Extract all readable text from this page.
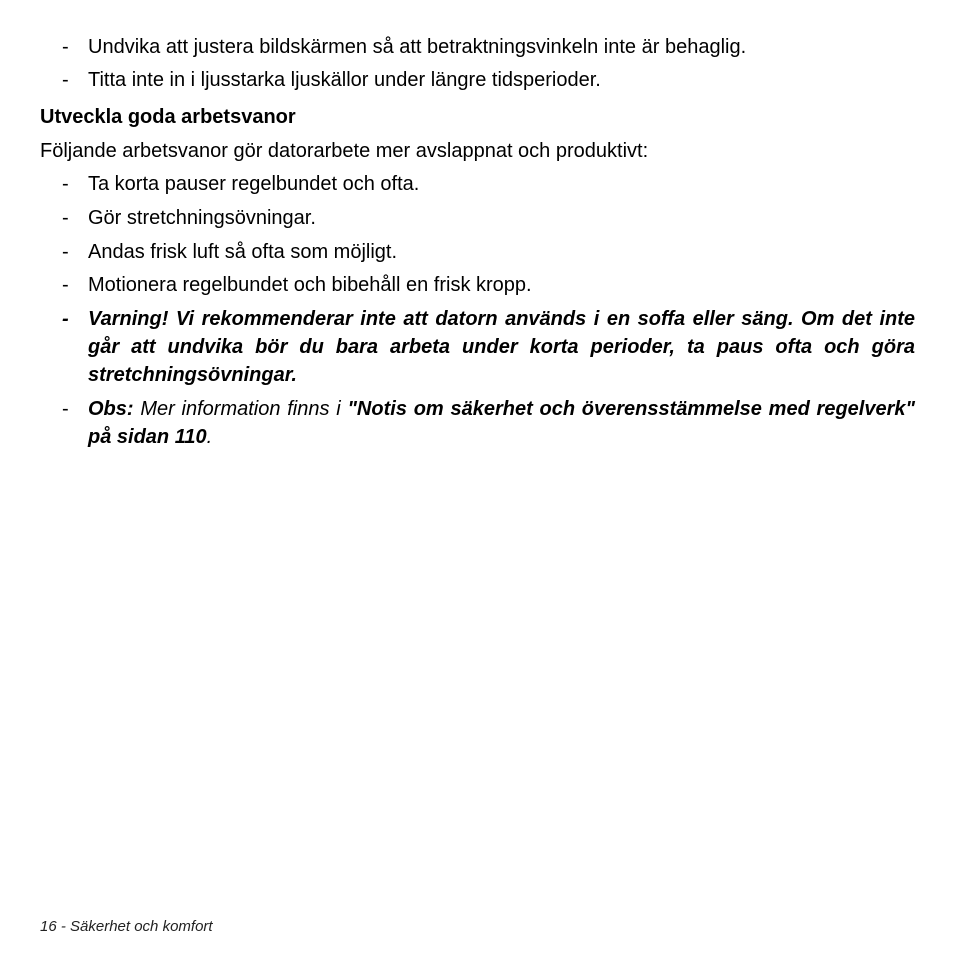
- Undvika att justera bildskärmen så att betraktningsvinkeln inte är behaglig.
- Titta inte in i ljusstarka ljuskällor under längre tidsperioder.
Utveckla goda arbetsvanor
Följande arbetsvanor gör datorarbete mer avslappnat och produktivt:
- Ta korta pauser regelbundet och ofta.
- Gör stretchningsövningar.
- Andas frisk luft så ofta som möjligt.
- Motionera regelbundet och bibehåll en frisk kropp.
- Varning! Vi rekommenderar inte att datorn används i en soffa eller säng. Om det inte går att undvika bör du bara arbeta under korta perioder, ta paus ofta och göra stretchningsövningar.
- Obs: Mer information finns i "Notis om säkerhet och överensstämmelse med regelverk" på sidan 110.
16 - Säkerhet och komfort
